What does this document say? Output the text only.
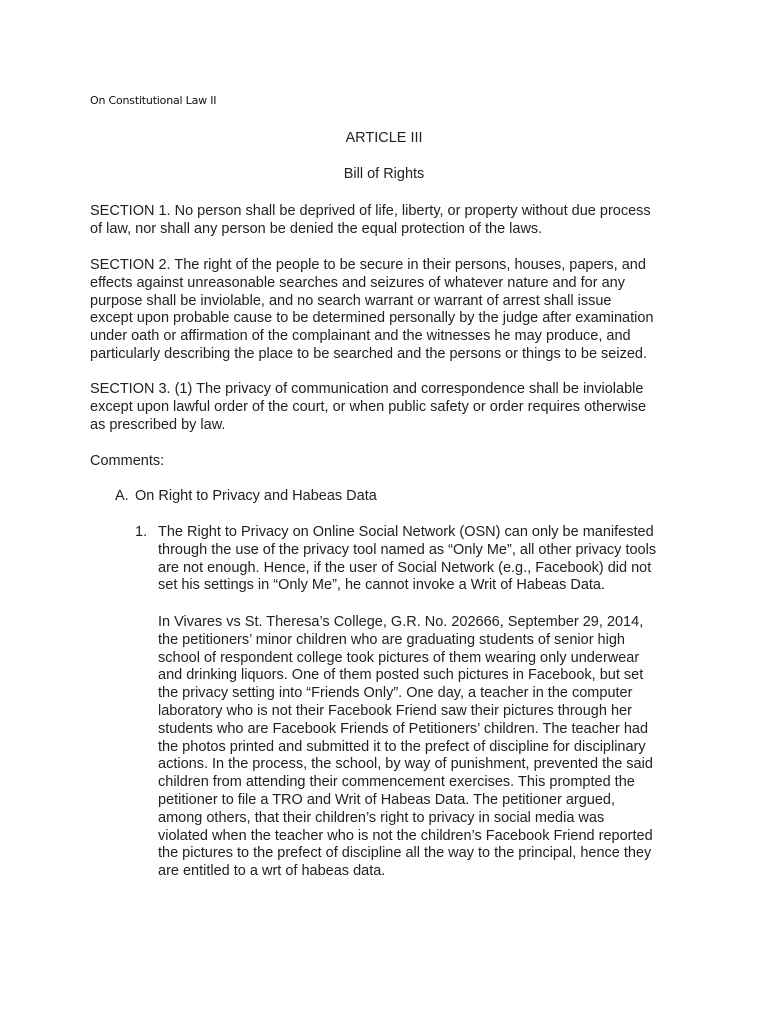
On Constitutional Law II
ARTICLE III
Bill of Rights
SECTION 1. No person shall be deprived of life, liberty, or property without due process
of law, nor shall any person be denied the equal protection of the laws.
SECTION 2. The right of the people to be secure in their persons, houses, papers, and
effects against unreasonable searches and seizures of whatever nature and for any
purpose shall be inviolable, and no search warrant or warrant of arrest shall issue
except upon probable cause to be determined personally by the judge after examination
under oath or affirmation of the complainant and the witnesses he may produce, and
particularly describing the place to be searched and the persons or things to be seized.
SECTION 3. (1) The privacy of communication and correspondence shall be inviolable
except upon lawful order of the court, or when public safety or order requires otherwise
as prescribed by law.
Comments:
A. On Right to Privacy and Habeas Data
1. The Right to Privacy on Online Social Network (OSN) can only be manifested
through the use of the privacy tool named as “Only Me”, all other privacy tools
are not enough. Hence, if the user of Social Network (e.g., Facebook) did not
set his settings in “Only Me”, he cannot invoke a Writ of Habeas Data.
In Vivares vs St. Theresa’s College, G.R. No. 202666, September 29, 2014,
the petitioners’ minor children who are graduating students of senior high
school of respondent college took pictures of them wearing only underwear
and drinking liquors. One of them posted such pictures in Facebook, but set
the privacy setting into “Friends Only”. One day, a teacher in the computer
laboratory who is not their Facebook Friend saw their pictures through her
students who are Facebook Friends of Petitioners’ children. The teacher had
the photos printed and submitted it to the prefect of discipline for disciplinary
actions. In the process, the school, by way of punishment, prevented the said
children from attending their commencement exercises. This prompted the
petitioner to file a TRO and Writ of Habeas Data. The petitioner argued,
among others, that their children’s right to privacy in social media was
violated when the teacher who is not the children’s Facebook Friend reported
the pictures to the prefect of discipline all the way to the principal, hence they
are entitled to a wrt of habeas data.
